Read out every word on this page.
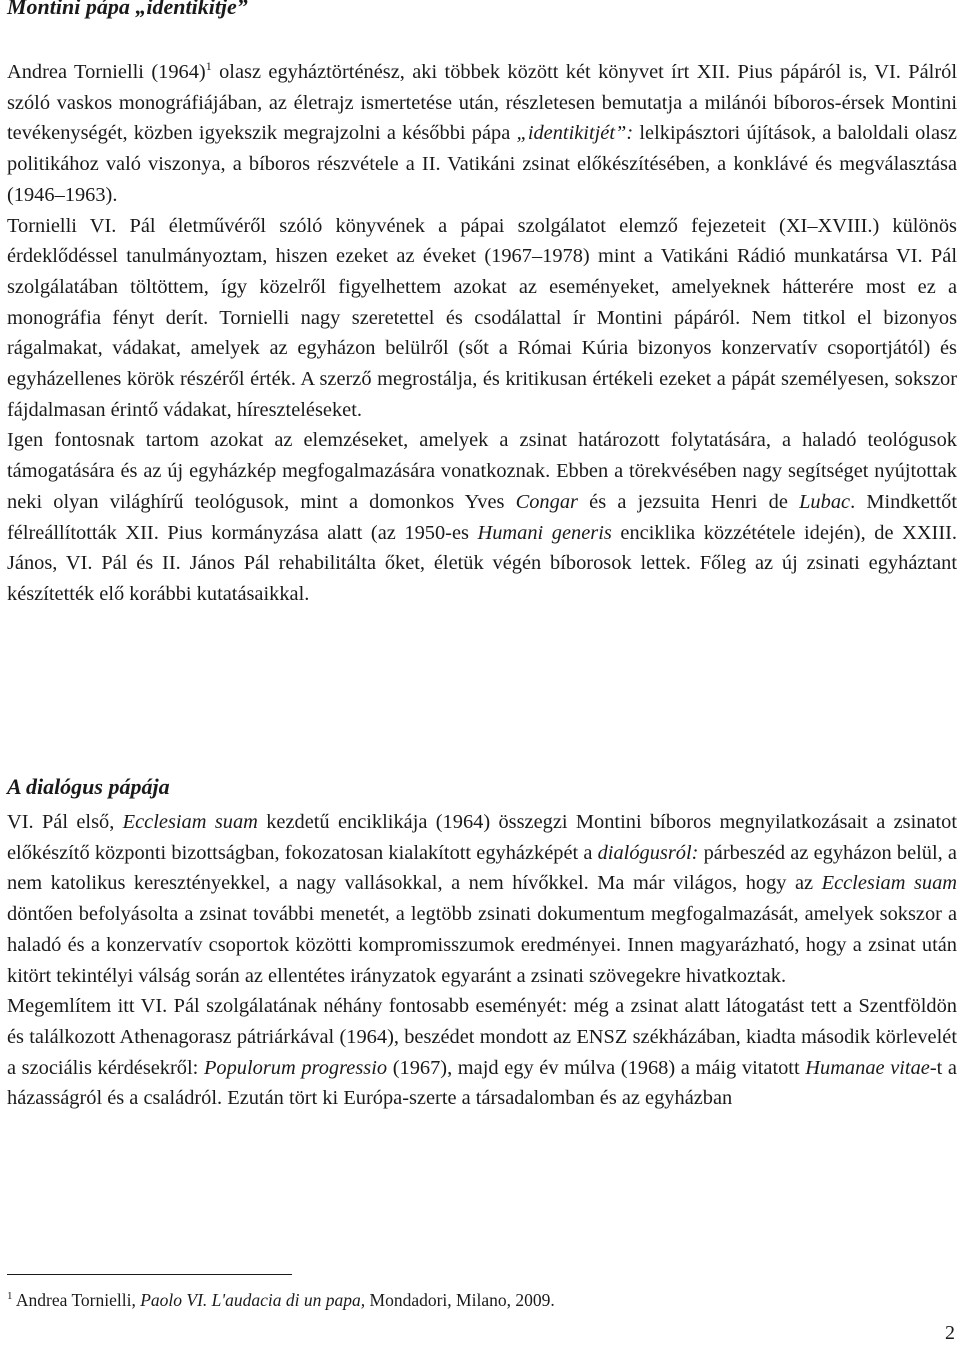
Montini pápa „identikitje”

Andrea Tornielli $(1964)^1$ olasz egyháztörténész, aki többek között két könyvet írt XII. Pius pápáról is, VI. Pálról szóló vaskos monográfiájában, az életrajz ismertetése után, részletesen bemutatja a milánói bíboros-érsek Montini tevékenységét, közben igyekszik megrajzolni a későbbi pápa „identikitjét”: lelkipásztori újítások, a baloldali olasz politikához való viszonya, a bíboros részvétele a II. Vatikáni zsinat előkészítésében, a konklávé és megválasztása (1946–1963).

Tornielli VI. Pál életművéről szóló könyvének a pápai szolgálatot elemző fejezeteit (XI–XVIII.) különös érdeklődéssel tanulmányoztam, hiszen ezeket az éveket (1967–1978) mint a Vatikáni Rádió munkatársa VI. Pál szolgálatában töltöttem, így közelről figyelhettem azokat az eseményeket, amelyeknek hátterére most ez a monográfia fényt derít. Tornielli nagy szeretettel és csodálattal ír Montini pápáról. Nem titkol el bizonyos rágalmakat, vádakat, amelyek az egyházon belülről (sőt a Római Kúria bizonyos konzervatív csoportjától) és egyházellenes körök részéről érték. A szerző megrostálja, és kritikusan értékeli ezeket a pápát személyesen, sokszor fájdalmasan érintő vádakat, híreszteléseket.

Igen fontosnak tartom azokat az elemzéseket, amelyek a zsinat határozott folytatására, a haladó teológusok támogatására és az új egyházkép megfogalmazására vonatkoznak. Ebben a törekvésében nagy segítséget nyújtottak neki olyan világhírű teológusok, mint a domonkos Yves Congar és a jezsuita Henri de Lubac. Mindkettőt félreállították XII. Pius kormányzása alatt (az 1950-es Humani generis enciklika közzététele idején), de XXIII. János, VI. Pál és II. János Pál rehabilitálta őket, életük végén bíborosok lettek. Főleg az új zsinati egyháztant készítették elő korábbi kutatásaikkal.

A dialógus pápája

VI. Pál első, Ecclesiam suam kezdetű enciklikája (1964) összegzi Montini bíboros megnyilatkozásait a zsinatot előkészítő központi bizottságban, fokozatosan kialakított egyházképét a dialógusról: párbeszéd az egyházon belül, a nem katolikus keresztényekkel, a nagy vallásokkal, a nem hívőkkel. Ma már világos, hogy az Ecclesiam suam döntően befolyásolta a zsinat további menetét, a legtöbb zsinati dokumentum megfogalmazását, amelyek sokszor a haladó és a konzervatív csoportok közötti kompromisszumok eredményei. Innen magyarázható, hogy a zsinat után kitört tekintélyi válság során az ellentétes irányzatok egyaránt a zsinati szövegekre hivatkoztak.

Megemlítem itt VI. Pál szolgálatának néhány fontosabb eseményét: még a zsinat alatt látogatást tett a Szentföldön és találkozott Athenagorasz pátriárkával (1964), beszédet mondott az ENSZ székházában, kiadta második körlevelét a szociális kérdésekről: Populorum progressio (1967), majd egy év múlva (1968) a máig vitatott Humanae vitae-t a házasságról és a családról. Ezután tört ki Európa-szerte a társadalomban és az egyházban

$^1$ Andrea Tornielli, Paolo VI. L'audacia di un papa, Mondadori, Milano, 2009.
2
